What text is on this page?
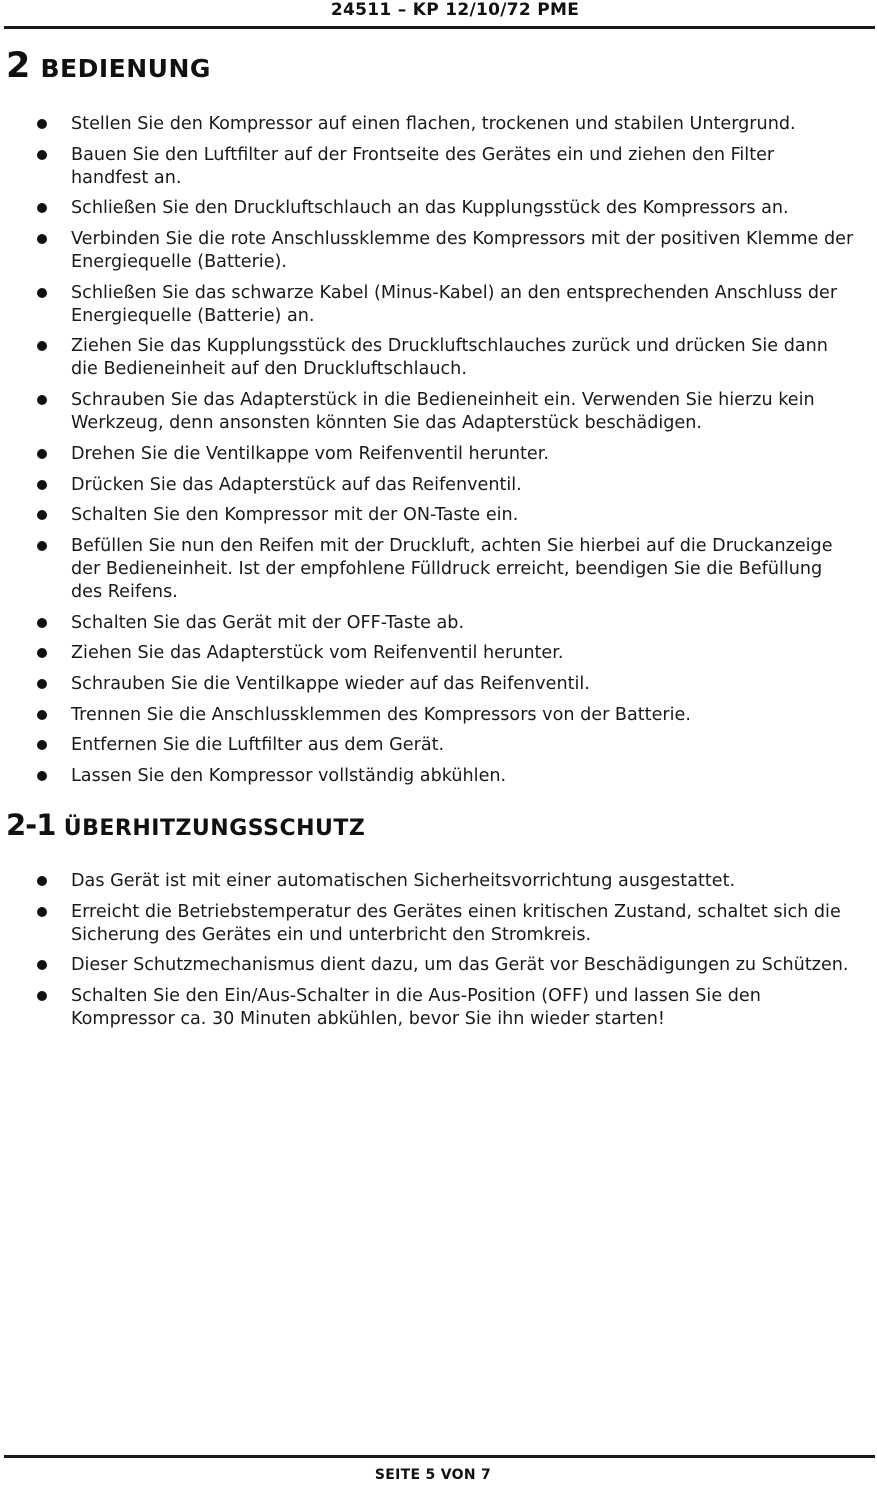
24511 – KP 12/10/72 PME
2 BEDIENUNG
Stellen Sie den Kompressor auf einen flachen, trockenen und stabilen Untergrund.
Bauen Sie den Luftfilter auf der Frontseite des Gerätes ein und ziehen den Filter handfest an.
Schließen Sie den Druckluftschlauch an das Kupplungsstück des Kompressors an.
Verbinden Sie die rote Anschlussklemme des Kompressors mit der positiven Klemme der Energiequelle (Batterie).
Schließen Sie das schwarze Kabel (Minus-Kabel) an den entsprechenden Anschluss der Energiequelle (Batterie) an.
Ziehen Sie das Kupplungsstück des Druckluftschlauches zurück und drücken Sie dann die Bedieneinheit auf den Druckluftschlauch.
Schrauben Sie das Adapterstück in die Bedieneinheit ein. Verwenden Sie hierzu kein Werkzeug, denn ansonsten könnten Sie das Adapterstück beschädigen.
Drehen Sie die Ventilkappe vom Reifenventil herunter.
Drücken Sie das Adapterstück auf das Reifenventil.
Schalten Sie den Kompressor mit der ON-Taste ein.
Befüllen Sie nun den Reifen mit der Druckluft, achten Sie hierbei auf die Druckanzeige der Bedieneinheit. Ist der empfohlene Fülldruck erreicht, beendigen Sie die Befüllung des Reifens.
Schalten Sie das Gerät mit der OFF-Taste ab.
Ziehen Sie das Adapterstück vom Reifenventil herunter.
Schrauben Sie die Ventilkappe wieder auf das Reifenventil.
Trennen Sie die Anschlussklemmen des Kompressors von der Batterie.
Entfernen Sie die Luftfilter aus dem Gerät.
Lassen Sie den Kompressor vollständig abkühlen.
2-1 ÜBERHITZUNGSSCHUTZ
Das Gerät ist mit einer automatischen Sicherheitsvorrichtung ausgestattet.
Erreicht die Betriebstemperatur des Gerätes einen kritischen Zustand, schaltet sich die Sicherung des Gerätes ein und unterbricht den Stromkreis.
Dieser Schutzmechanismus dient dazu, um das Gerät vor Beschädigungen zu Schützen.
Schalten Sie den Ein/Aus-Schalter in die Aus-Position (OFF) und lassen Sie den Kompressor ca. 30 Minuten abkühlen, bevor Sie ihn wieder starten!
SEITE 5 VON 7
